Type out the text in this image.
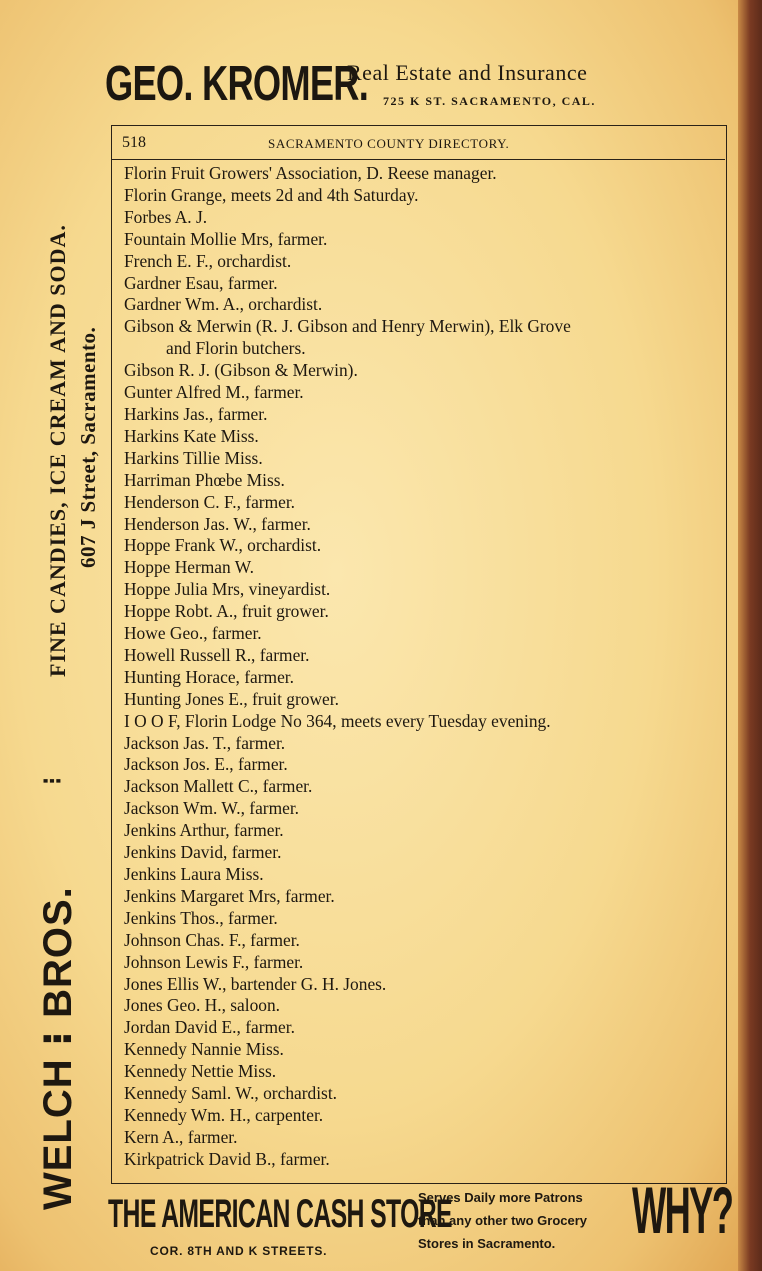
GEO. KROMER.
Real Estate and Insurance
725 K ST. SACRAMENTO, CAL.
WELCH ⁝ BROS.
⁝
FINE CANDIES, ICE CREAM AND SODA. 607 J Street, Sacramento.
518	SACRAMENTO COUNTY DIRECTORY.
Florin Fruit Growers' Association, D. Reese manager.
Florin Grange, meets 2d and 4th Saturday.
Forbes A. J.
Fountain Mollie Mrs, farmer.
French E. F., orchardist.
Gardner Esau, farmer.
Gardner Wm. A., orchardist.
Gibson & Merwin (R. J. Gibson and Henry Merwin), Elk Grove
and Florin butchers.
Gibson R. J. (Gibson & Merwin).
Gunter Alfred M., farmer.
Harkins Jas., farmer.
Harkins Kate Miss.
Harkins Tillie Miss.
Harriman Phœbe Miss.
Henderson C. F., farmer.
Henderson Jas. W., farmer.
Hoppe Frank W., orchardist.
Hoppe Herman W.
Hoppe Julia Mrs, vineyardist.
Hoppe Robt. A., fruit grower.
Howe Geo., farmer.
Howell Russell R., farmer.
Hunting Horace, farmer.
Hunting Jones E., fruit grower.
I O O F, Florin Lodge No 364, meets every Tuesday evening.
Jackson Jas. T., farmer.
Jackson Jos. E., farmer.
Jackson Mallett C., farmer.
Jackson Wm. W., farmer.
Jenkins Arthur, farmer.
Jenkins David, farmer.
Jenkins Laura Miss.
Jenkins Margaret Mrs, farmer.
Jenkins Thos., farmer.
Johnson Chas. F., farmer.
Johnson Lewis F., farmer.
Jones Ellis W., bartender G. H. Jones.
Jones Geo. H., saloon.
Jordan David E., farmer.
Kennedy Nannie Miss.
Kennedy Nettie Miss.
Kennedy Saml. W., orchardist.
Kennedy Wm. H., carpenter.
Kern A., farmer.
Kirkpatrick David B., farmer.
THE AMERICAN CASH STORE
COR. 8TH AND K STREETS.
Serves Daily more Patrons
than any other two Grocery
Stores in Sacramento.	WHY?
